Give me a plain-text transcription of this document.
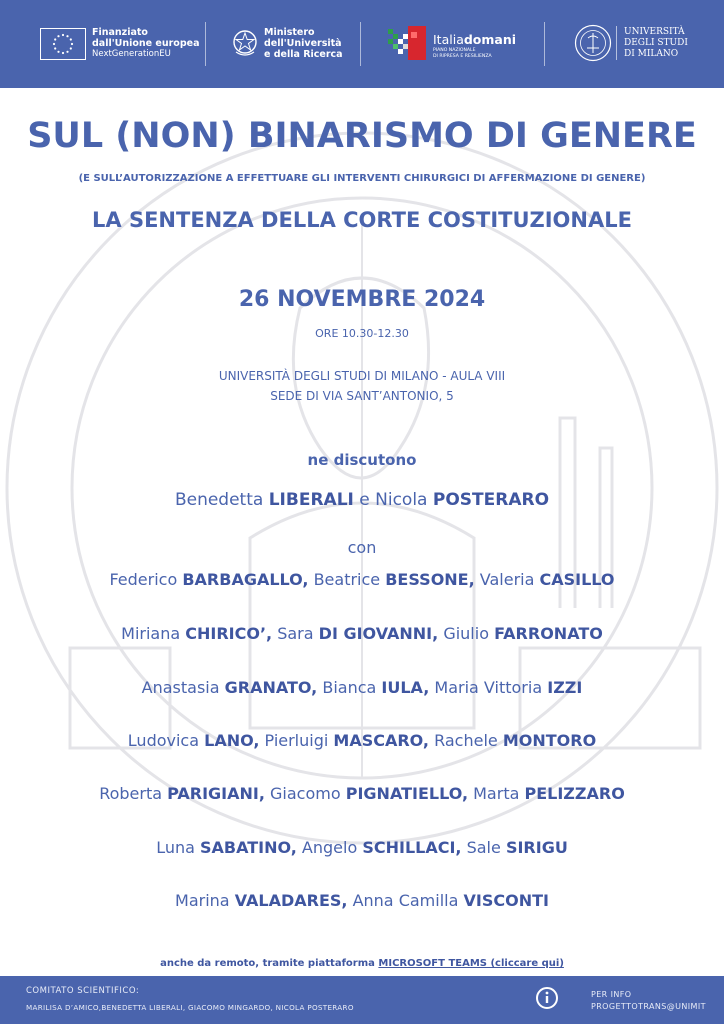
Finanziato
dall'Unione europea
NextGenerationEU
Ministero
dell'Università
e della Ricerca
Italiadomani
PIANO NAZIONALE
DI RIPRESA E RESILIENZA
UNIVERSITÀ
DEGLI STUDI
DI MILANO
SUL (NON) BINARISMO DI GENERE
(E SULL’AUTORIZZAZIONE A EFFETTUARE GLI INTERVENTI CHIRURGICI DI AFFERMAZIONE DI GENERE)
LA SENTENZA DELLA CORTE COSTITUZIONALE
26 NOVEMBRE 2024
ORE 10.30-12.30
UNIVERSITÀ DEGLI STUDI DI MILANO - AULA VIII
SEDE DI VIA SANT’ANTONIO, 5
ne discutono
Benedetta LIBERALI e Nicola POSTERARO
con
Federico BARBAGALLO, Beatrice BESSONE, Valeria CASILLO
Miriana CHIRICO’, Sara DI GIOVANNI, Giulio FARRONATO
Anastasia GRANATO, Bianca IULA, Maria Vittoria IZZI
Ludovica LANO, Pierluigi MASCARO, Rachele MONTORO
Roberta PARIGIANI, Giacomo PIGNATIELLO, Marta PELIZZARO
Luna SABATINO, Angelo SCHILLACI, Sale SIRIGU
Marina VALADARES, Anna Camilla VISCONTI
anche da remoto, tramite piattaforma MICROSOFT TEAMS (cliccare qui)
COMITATO SCIENTIFICO:
MARILISA D’AMICO,BENEDETTA LIBERALI, GIACOMO MINGARDO, NICOLA POSTERARO
PER INFO
PROGETTOTRANS@UNIMIT
